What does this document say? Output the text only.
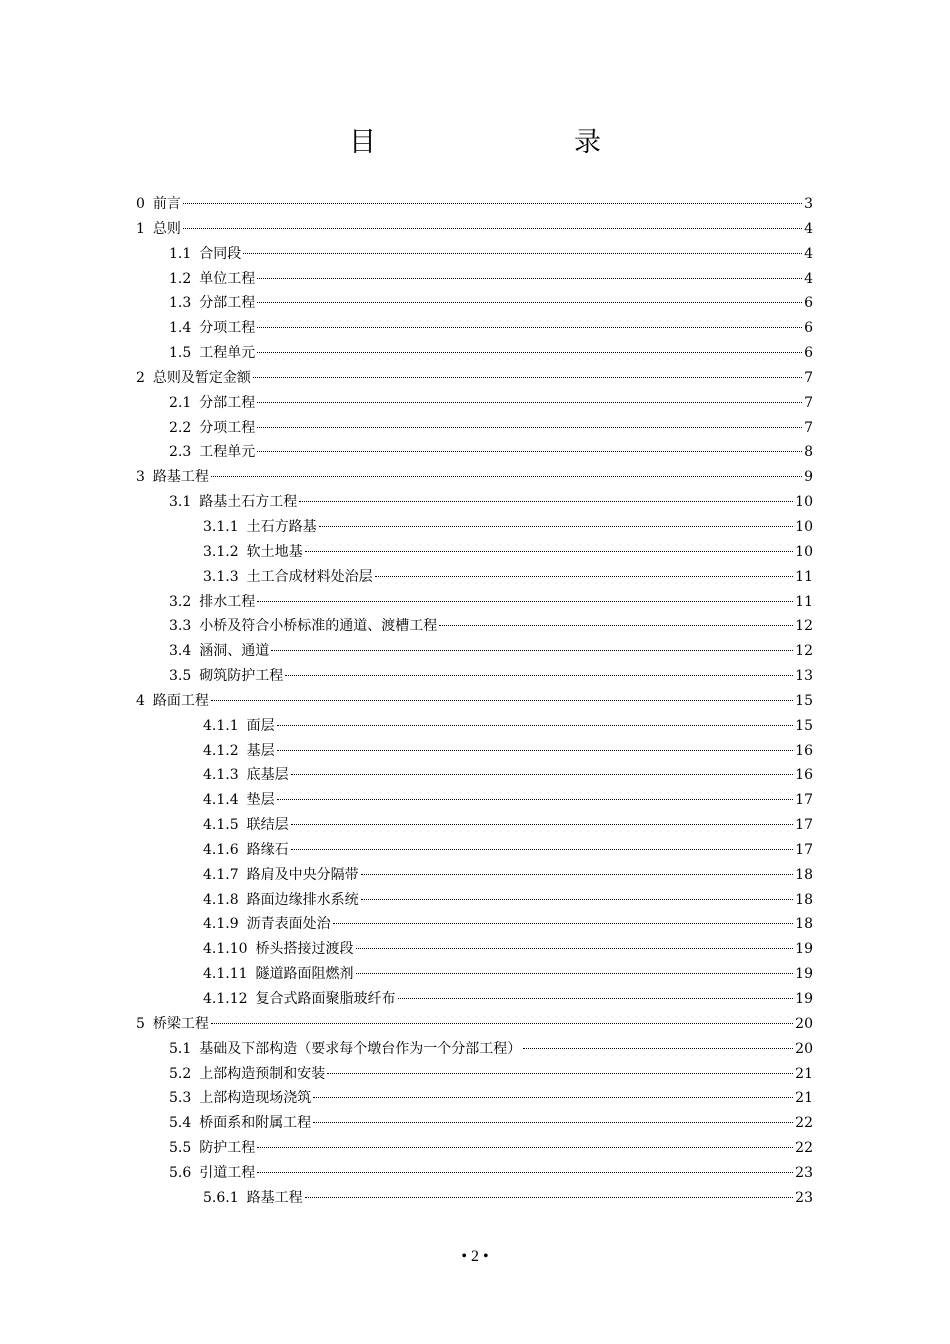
目　　录
0 前言	3
1 总则	4
1.1 合同段	4
1.2 单位工程	4
1.3 分部工程	6
1.4 分项工程	6
1.5 工程单元	6
2 总则及暂定金额	7
2.1 分部工程	7
2.2 分项工程	7
2.3 工程单元	8
3 路基工程	9
3.1 路基土石方工程	10
3.1.1 土石方路基	10
3.1.2 软土地基	10
3.1.3 土工合成材料处治层	11
3.2 排水工程	11
3.3 小桥及符合小桥标准的通道、渡槽工程	12
3.4 涵洞、通道	12
3.5 砌筑防护工程	13
4 路面工程	15
4.1.1 面层	15
4.1.2 基层	16
4.1.3 底基层	16
4.1.4 垫层	17
4.1.5 联结层	17
4.1.6 路缘石	17
4.1.7 路肩及中央分隔带	18
4.1.8 路面边缘排水系统	18
4.1.9 沥青表面处治	18
4.1.10 桥头搭接过渡段	19
4.1.11 隧道路面阻燃剂	19
4.1.12 复合式路面聚脂玻纤布	19
5 桥梁工程	20
5.1 基础及下部构造（要求每个墩台作为一个分部工程）	20
5.2 上部构造预制和安装	21
5.3 上部构造现场浇筑	21
5.4 桥面系和附属工程	22
5.5 防护工程	22
5.6 引道工程	23
5.6.1 路基工程	23
• 2 •
